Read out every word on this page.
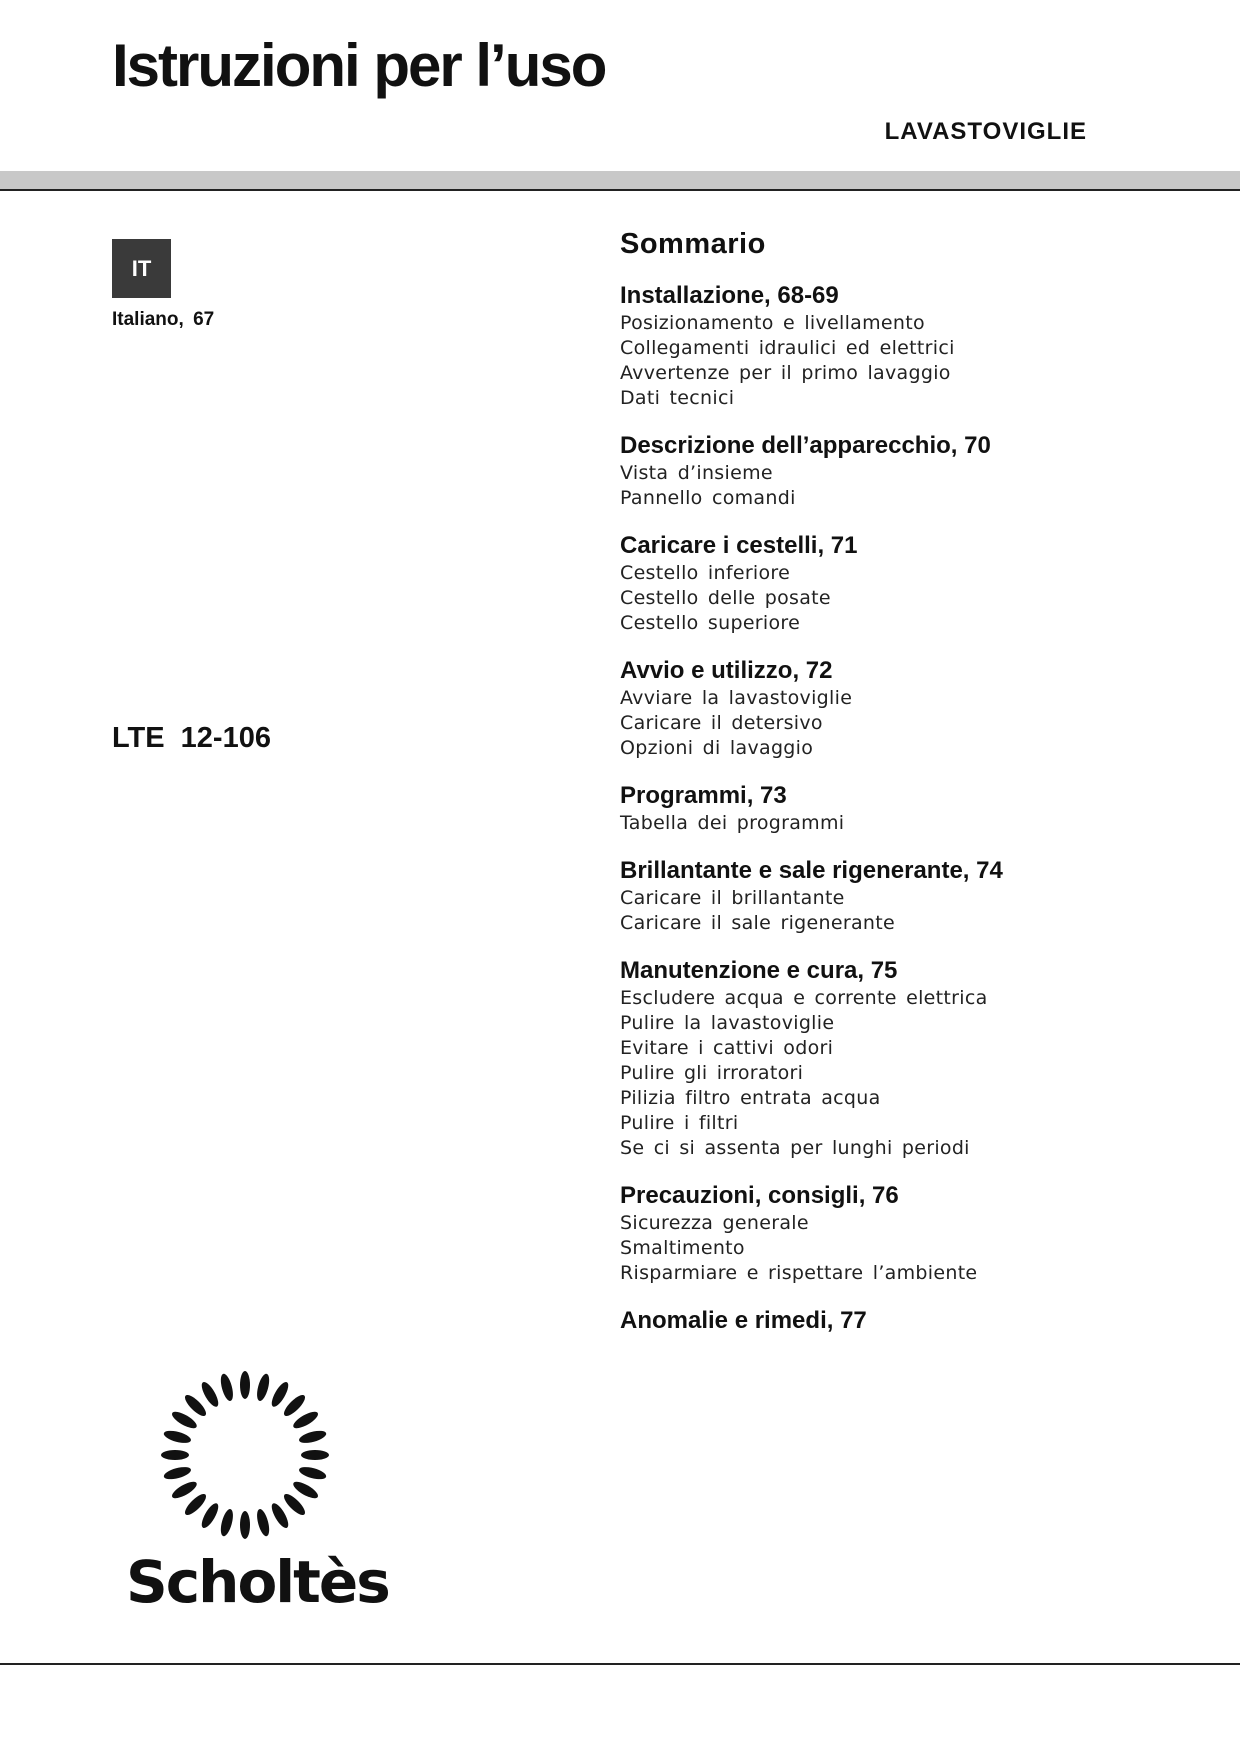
Istruzioni per l’uso
LAVASTOVIGLIE
IT
Italiano, 67
LTE 12-106
Sommario
Installazione, 68-69
Posizionamento e livellamento
Collegamenti idraulici ed elettrici
Avvertenze per il primo lavaggio
Dati tecnici
Descrizione dell’apparecchio, 70
Vista d’insieme
Pannello comandi
Caricare i cestelli, 71
Cestello inferiore
Cestello delle posate
Cestello superiore
Avvio e utilizzo, 72
Avviare la lavastoviglie
Caricare il detersivo
Opzioni di lavaggio
Programmi, 73
Tabella dei programmi
Brillantante e sale rigenerante, 74
Caricare il brillantante
Caricare il sale rigenerante
Manutenzione e cura, 75
Escludere acqua e corrente elettrica
Pulire la lavastoviglie
Evitare i cattivi odori
Pulire gli irroratori
Pilizia filtro entrata acqua
Pulire i filtri
Se ci si assenta per lunghi periodi
Precauzioni, consigli, 76
Sicurezza generale
Smaltimento
Risparmiare e rispettare l’ambiente
Anomalie e rimedi, 77
Scholtès
